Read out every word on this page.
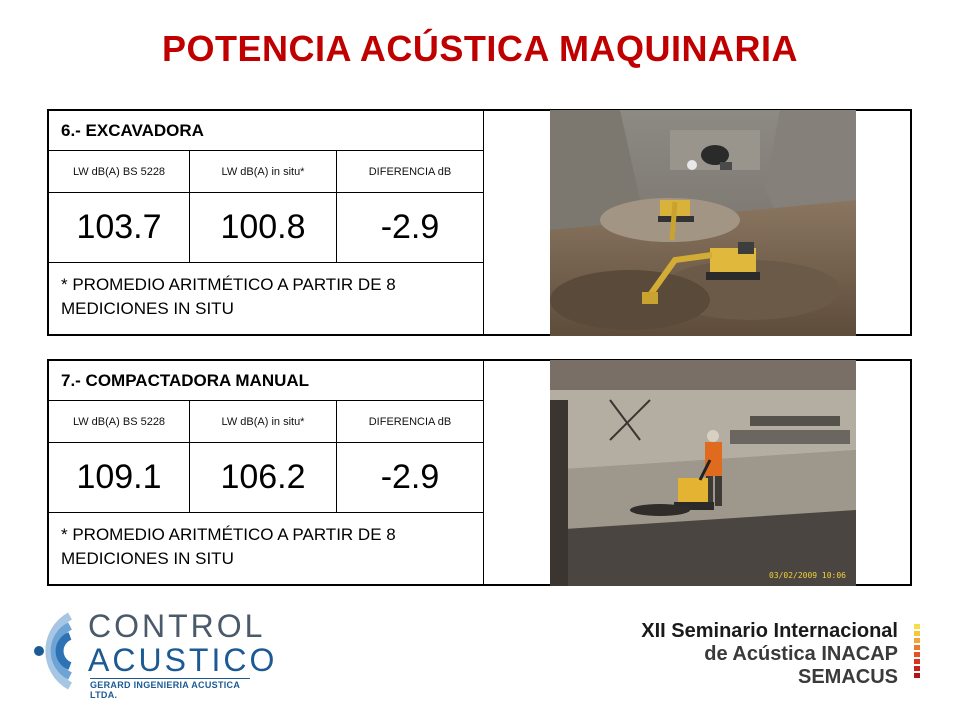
POTENCIA ACÚSTICA MAQUINARIA
6.- EXCAVADORA
LW dB(A) BS 5228	LW dB(A) in situ*	DIFERENCIA dB
103.7	100.8	-2.9
* PROMEDIO ARITMÉTICO A PARTIR DE 8 MEDICIONES IN SITU
7.- COMPACTADORA MANUAL
LW dB(A) BS 5228	LW dB(A) in situ*	DIFERENCIA dB
109.1	106.2	-2.9
* PROMEDIO ARITMÉTICO A PARTIR DE 8 MEDICIONES IN SITU
03/02/2009 10:06
CONTROL
ACUSTICO
GERARD INGENIERIA ACUSTICA LTDA.
XII Seminario Internacional
de Acústica INACAP
SEMACUS
